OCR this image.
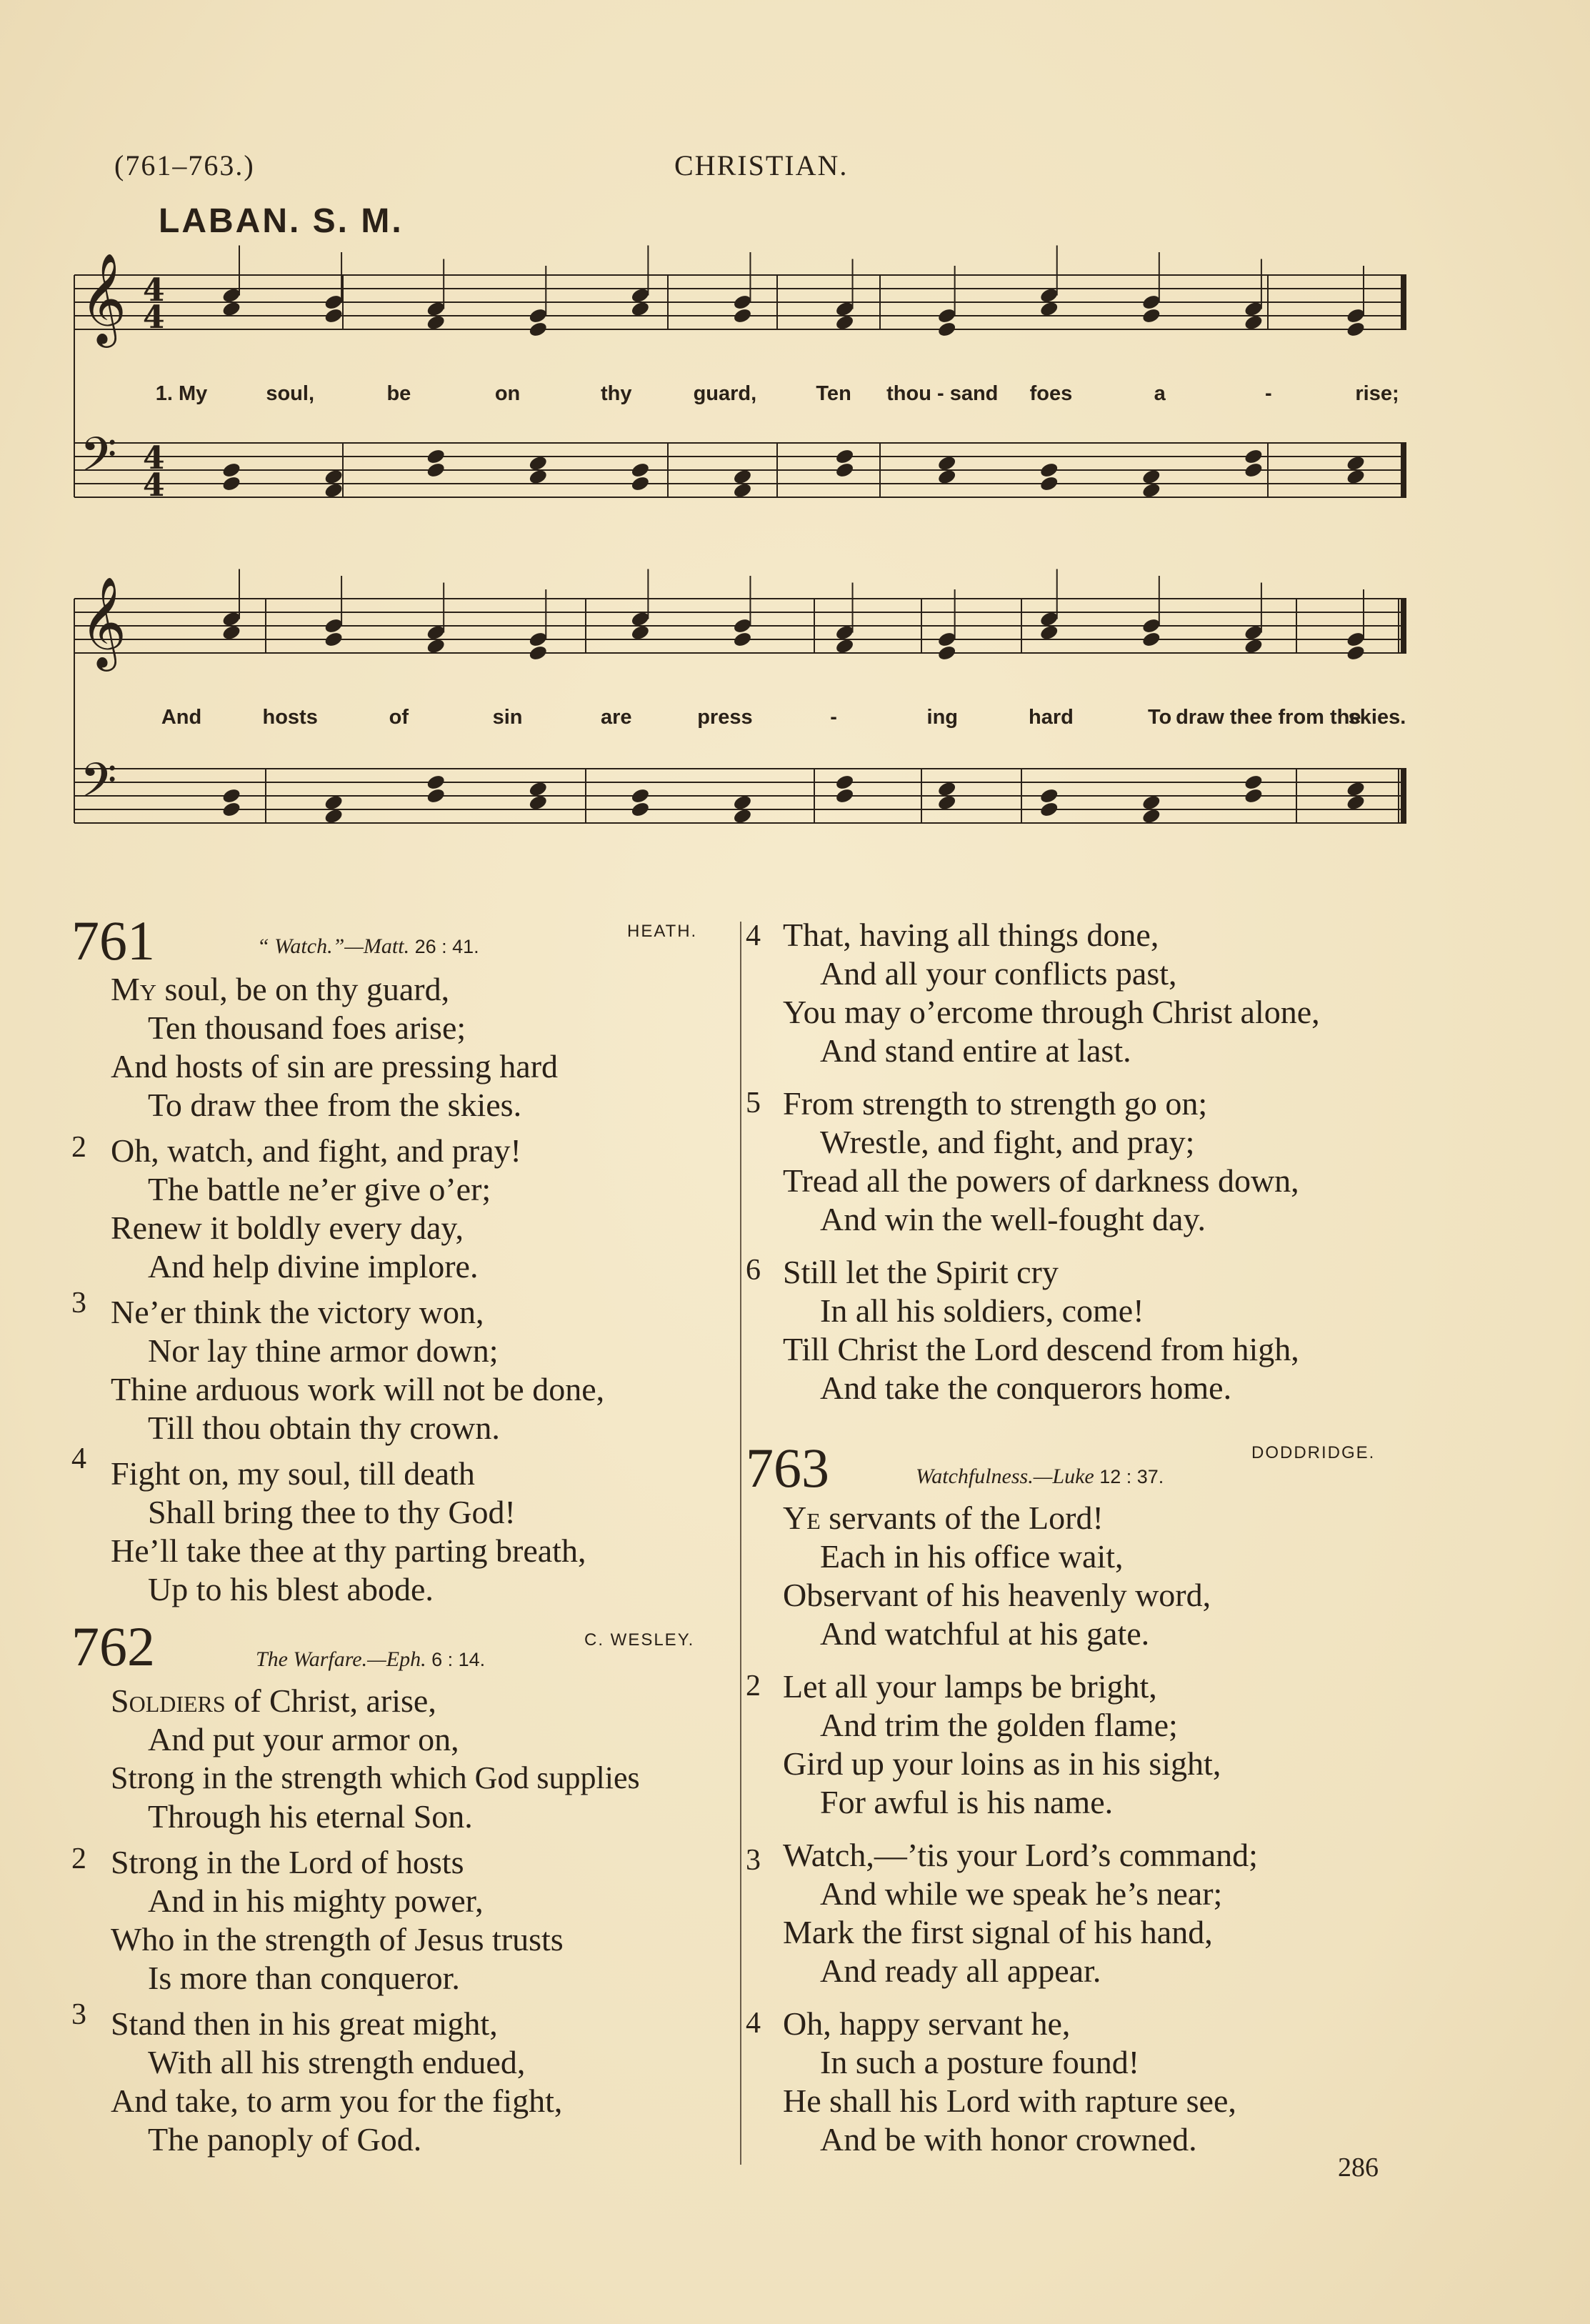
(761–763.)	CHRISTIAN.
LABAN. S. M.
𝄞
𝄢
4
4
4
4
𝄞
𝄢
1. My	soul,	be	on	thy	guard,	Ten thou - sand foes	a	-	rise;
And	hosts	of	sin	are	press	-	ing	hard	To draw thee from the
skies.
761	“ Watch.”—Matt. 26 : 41.
HEATH.
My soul, be on thy guard,
Ten thousand foes arise;
And hosts of sin are pressing hard
To draw thee from the skies.
Oh, watch, and fight, and pray!
The battle ne’er give o’er;
Renew it boldly every day,
And help divine implore.
Ne’er think the victory won,
Nor lay thine armor down;
Thine arduous work will not be done,
Till thou obtain thy crown.
Fight on, my soul, till death
Shall bring thee to thy God!
He’ll take thee at thy parting breath,
Up to his blest abode.
2
3
4
762	The Warfare.—Eph. 6 : 14.
C. WESLEY.
Soldiers of Christ, arise,
And put your armor on,
Strong in the strength which God supplies
Through his eternal Son.
Strong in the Lord of hosts
And in his mighty power,
Who in the strength of Jesus trusts
Is more than conqueror.
Stand then in his great might,
With all his strength endued,
And take, to arm you for the fight,
The panoply of God.
2
3
That, having all things done,
And all your conflicts past,
You may o’ercome through Christ alone,
And stand entire at last.
From strength to strength go on;
Wrestle, and fight, and pray;
Tread all the powers of darkness down,
And win the well-fought day.
Still let the Spirit cry
In all his soldiers, come!
Till Christ the Lord descend from high,
And take the conquerors home.
4
5
6
763	Watchfulness.—Luke 12 : 37.
DODDRIDGE.
Ye servants of the Lord!
Each in his office wait,
Observant of his heavenly word,
And watchful at his gate.
Let all your lamps be bright,
And trim the golden flame;
Gird up your loins as in his sight,
For awful is his name.
Watch,—’tis your Lord’s command;
And while we speak he’s near;
Mark the first signal of his hand,
And ready all appear.
Oh, happy servant he,
In such a posture found!
He shall his Lord with rapture see,
And be with honor crowned.
2
3
4
286
